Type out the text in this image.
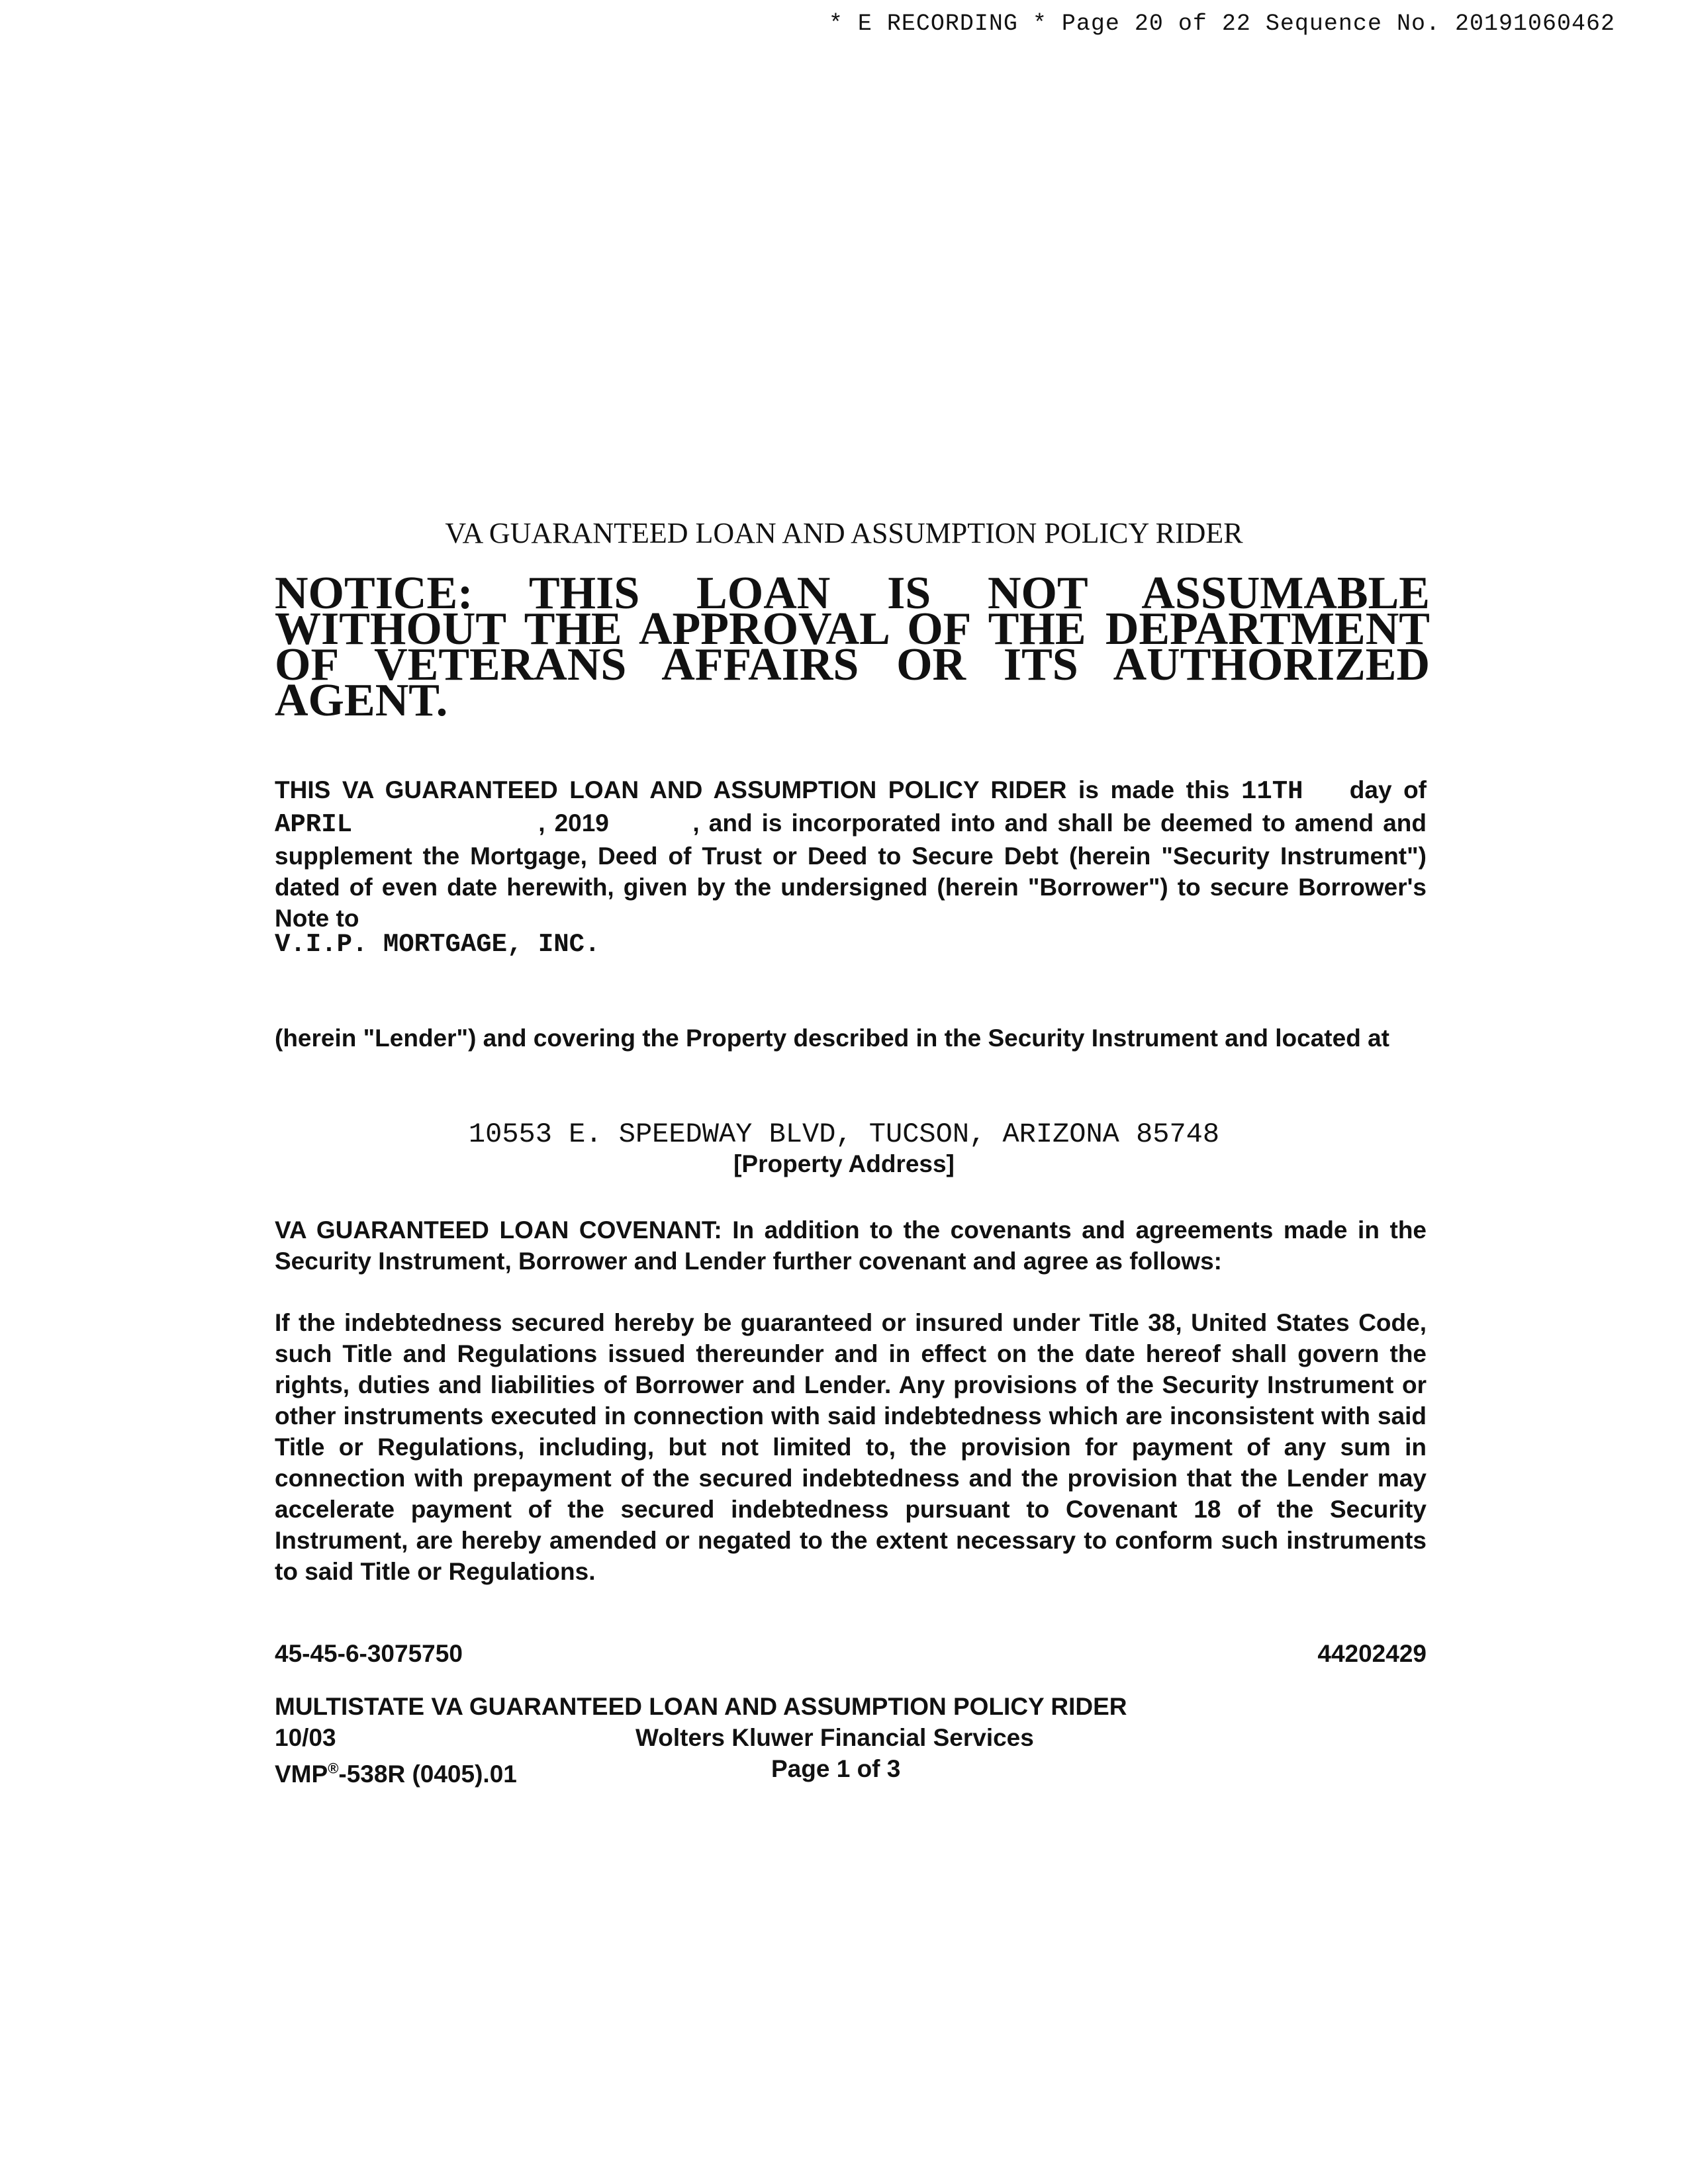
* E RECORDING * Page 20 of 22 Sequence No. 20191060462
VA GUARANTEED LOAN AND ASSUMPTION POLICY RIDER
NOTICE: THIS LOAN IS NOT ASSUMABLE
WITHOUT THE APPROVAL OF THE DEPARTMENT
OF VETERANS AFFAIRS OR ITS AUTHORIZED
AGENT.
THIS VA GUARANTEED LOAN AND ASSUMPTION POLICY RIDER is made this 11TH day of APRIL                    , 2019	, and is incorporated into and shall be deemed to amend and supplement the Mortgage, Deed of Trust or Deed to Secure Debt (herein "Security Instrument") dated of even date herewith, given by the undersigned (herein "Borrower") to secure Borrower's Note to
V.I.P. MORTGAGE, INC.
(herein "Lender") and covering the Property described in the Security Instrument and located at
10553 E. SPEEDWAY BLVD, TUCSON, ARIZONA 85748
[Property Address]
VA GUARANTEED LOAN COVENANT: In addition to the covenants and agreements made in the Security Instrument, Borrower and Lender further covenant and agree as follows:
If the indebtedness secured hereby be guaranteed or insured under Title 38, United States Code, such Title and Regulations issued thereunder and in effect on the date hereof shall govern the rights, duties and liabilities of Borrower and Lender. Any provisions of the Security Instrument or other instruments executed in connection with said indebtedness which are inconsistent with said Title or Regulations, including, but not limited to, the provision for payment of any sum in connection with prepayment of the secured indebtedness and the provision that the Lender may accelerate payment of the secured indebtedness pursuant to Covenant 18 of the Security Instrument, are hereby amended or negated to the extent necessary to conform such instruments to said Title or Regulations.
45-45-6-3075750	44202429
MULTISTATE VA GUARANTEED LOAN AND ASSUMPTION POLICY RIDER
10/03	Wolters Kluwer Financial Services
VMP®-538R (0405).01	Page 1 of 3
